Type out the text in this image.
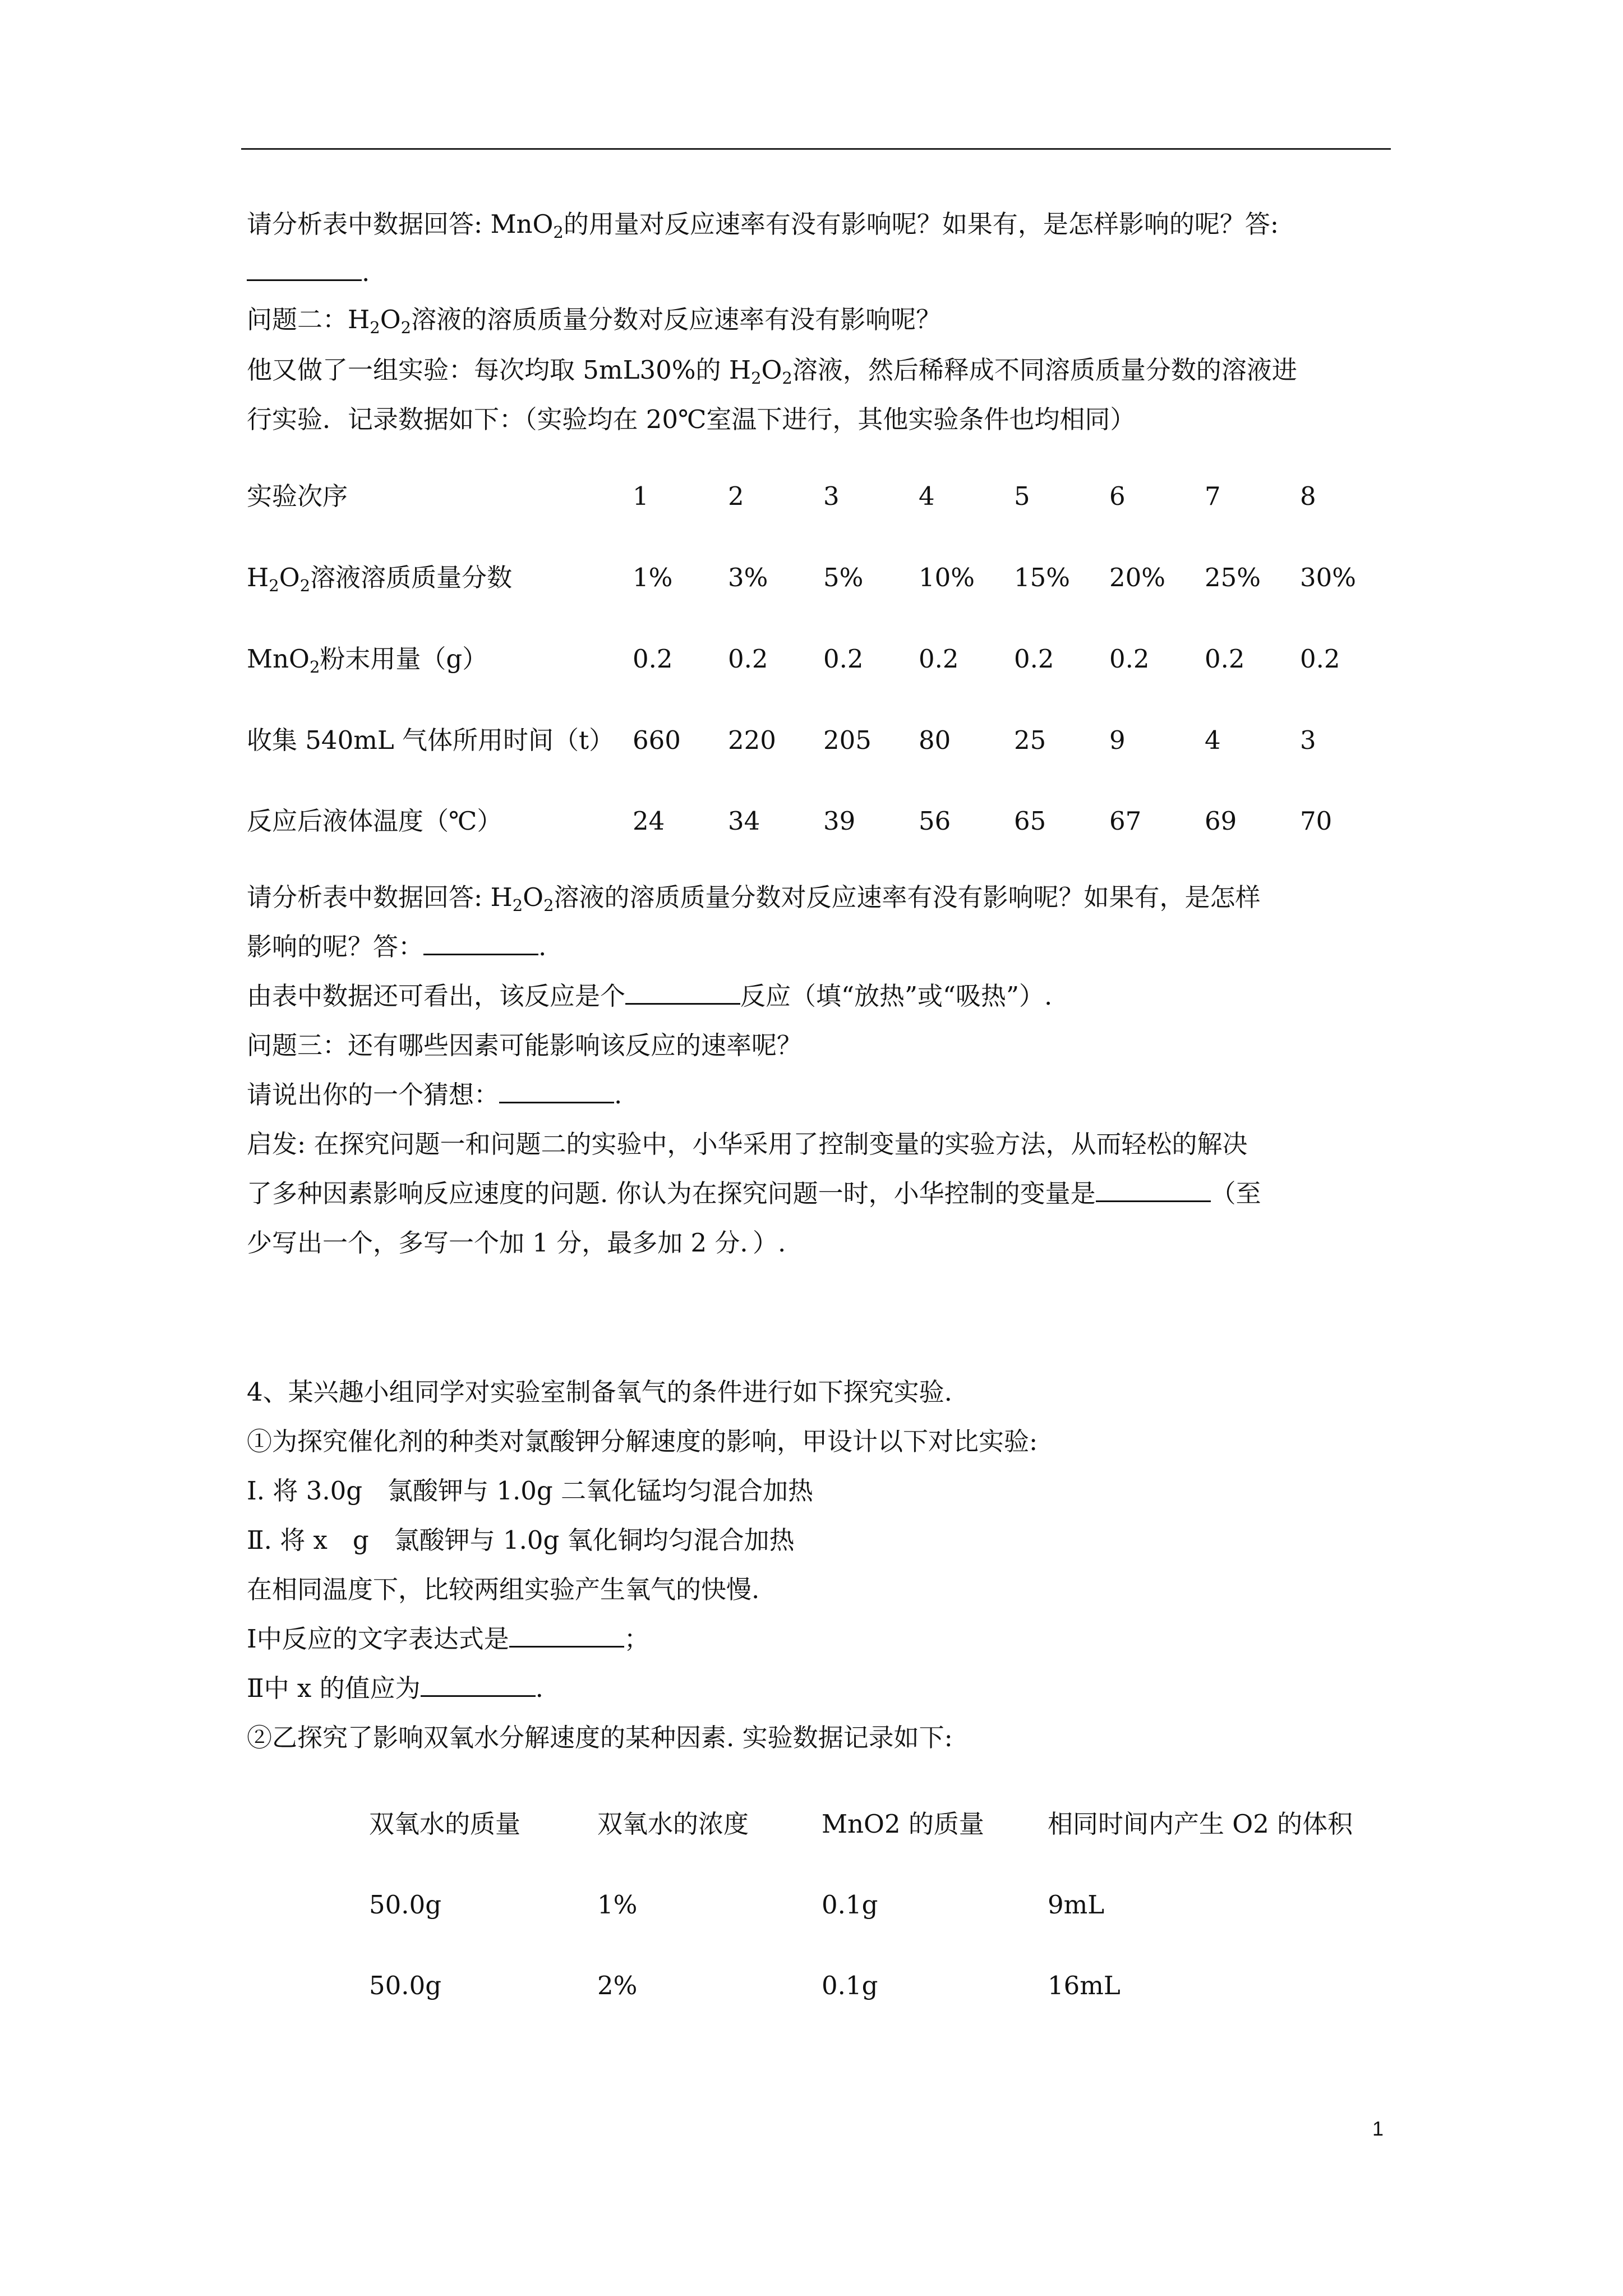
请分析表中数据回答: MnO$_2$的用量对反应速率有没有影响呢？如果有，是怎样影响的呢？答:
.
问题二：$H_2O_2$溶液的溶质质量分数对反应速率有没有影响呢？
他又做了一组实验：每次均取 5mL30%的 $H_2O_2$溶液，然后稀释成不同溶质质量分数的溶液进
行实验．记录数据如下：（实验均在 20℃室温下进行，其他实验条件也均相同）
实验次序	1	2	3	4	5	6	7	8
$H_2O_2$溶液溶质质量分数	1% 3% 5% 10% 15% 20% 25% 30%
MnO$_2$粉末用量（g）	0.2 0.2 0.2 0.2 0.2 0.2 0.2 0.2
收集 540mL 气体所用时间（t） 660 220 205 80	25	9	4	3
反应后液体温度（℃）	24	34	39	56	65	67	69	70
请分析表中数据回答: $H_2O_2$溶液的溶质质量分数对反应速率有没有影响呢？如果有，是怎样
影响的呢？答：	.
由表中数据还可看出，该反应是个	反应（填“放热”或“吸热”）.
问题三：还有哪些因素可能影响该反应的速率呢？
请说出你的一个猜想：	.
启发: 在探究问题一和问题二的实验中，小华采用了控制变量的实验方法，从而轻松的解决
了多种因素影响反应速度的问题. 你认为在探究问题一时，小华控制的变量是	（至
少写出一个，多写一个加 1 分，最多加 2 分．）.
4、某兴趣小组同学对实验室制备氧气的条件进行如下探究实验.
①为探究催化剂的种类对氯酸钾分解速度的影响，甲设计以下对比实验:
Ⅰ. 将 3.0g　氯酸钾与 1.0g 二氧化锰均匀混合加热
Ⅱ. 将 x　g　氯酸钾与 1.0g 氧化铜均匀混合加热
在相同温度下，比较两组实验产生氧气的快慢.
Ⅰ中反应的文字表达式是	；
Ⅱ中 x 的值应为	.
②乙探究了影响双氧水分解速度的某种因素. 实验数据记录如下:
双氧水的质量	双氧水的浓度	MnO2 的质量	相同时间内产生 O2 的体积
50.0g	1%	0.1g	9mL
50.0g	2%	0.1g	16mL
1
